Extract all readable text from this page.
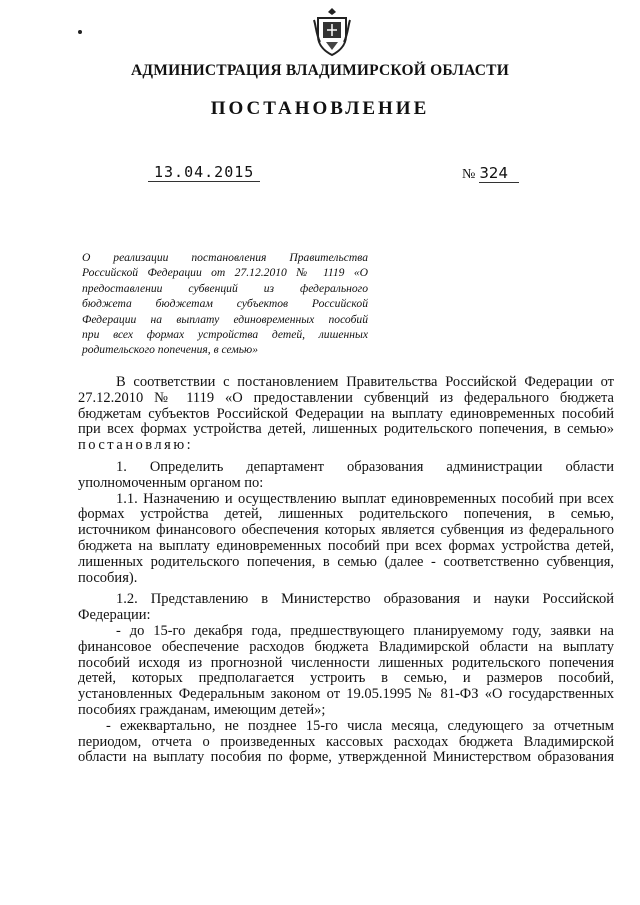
АДМИНИСТРАЦИЯ ВЛАДИМИРСКОЙ ОБЛАСТИ
ПОСТАНОВЛЕНИЕ
13.04.2015	№ 324
О реализации постановления Правительства
Российской Федерации от 27.12.2010 № 1119 «О
предоставлении субвенций из федерального
бюджета бюджетам субъектов Российской
Федерации на выплату единовременных пособий
при всех формах устройства детей, лишенных
родительского попечения, в семью»
В соответствии с постановлением Правительства Российской Федерации от
27.12.2010 № 1119 «О предоставлении субвенций из федерального бюджета
бюджетам субъектов Российской Федерации на выплату единовременных пособий
при всех формах устройства детей, лишенных родительского попечения, в семью»
постановляю:
1. Определить департамент образования администрации области
уполномоченным органом по:
1.1. Назначению и осуществлению выплат единовременных пособий при всех
формах устройства детей, лишенных родительского попечения, в семью,
источником финансового обеспечения которых является субвенция из федерального
бюджета на выплату единовременных пособий при всех формах устройства детей,
лишенных родительского попечения, в семью (далее - соответственно субвенция,
пособия).
1.2. Представлению в Министерство образования и науки Российской
Федерации:
- до 15-го декабря года, предшествующего планируемому году, заявки на
финансовое обеспечение расходов бюджета Владимирской области на выплату
пособий исходя из прогнозной численности лишенных родительского попечения
детей, которых предполагается устроить в семью, и размеров пособий,
установленных Федеральным законом от 19.05.1995 № 81-ФЗ «О государственных
пособиях гражданам, имеющим детей»;
- ежеквартально, не позднее 15-го числа месяца, следующего за отчетным
периодом, отчета о произведенных кассовых расходах бюджета Владимирской
области на выплату пособия по форме, утвержденной Министерством образования
